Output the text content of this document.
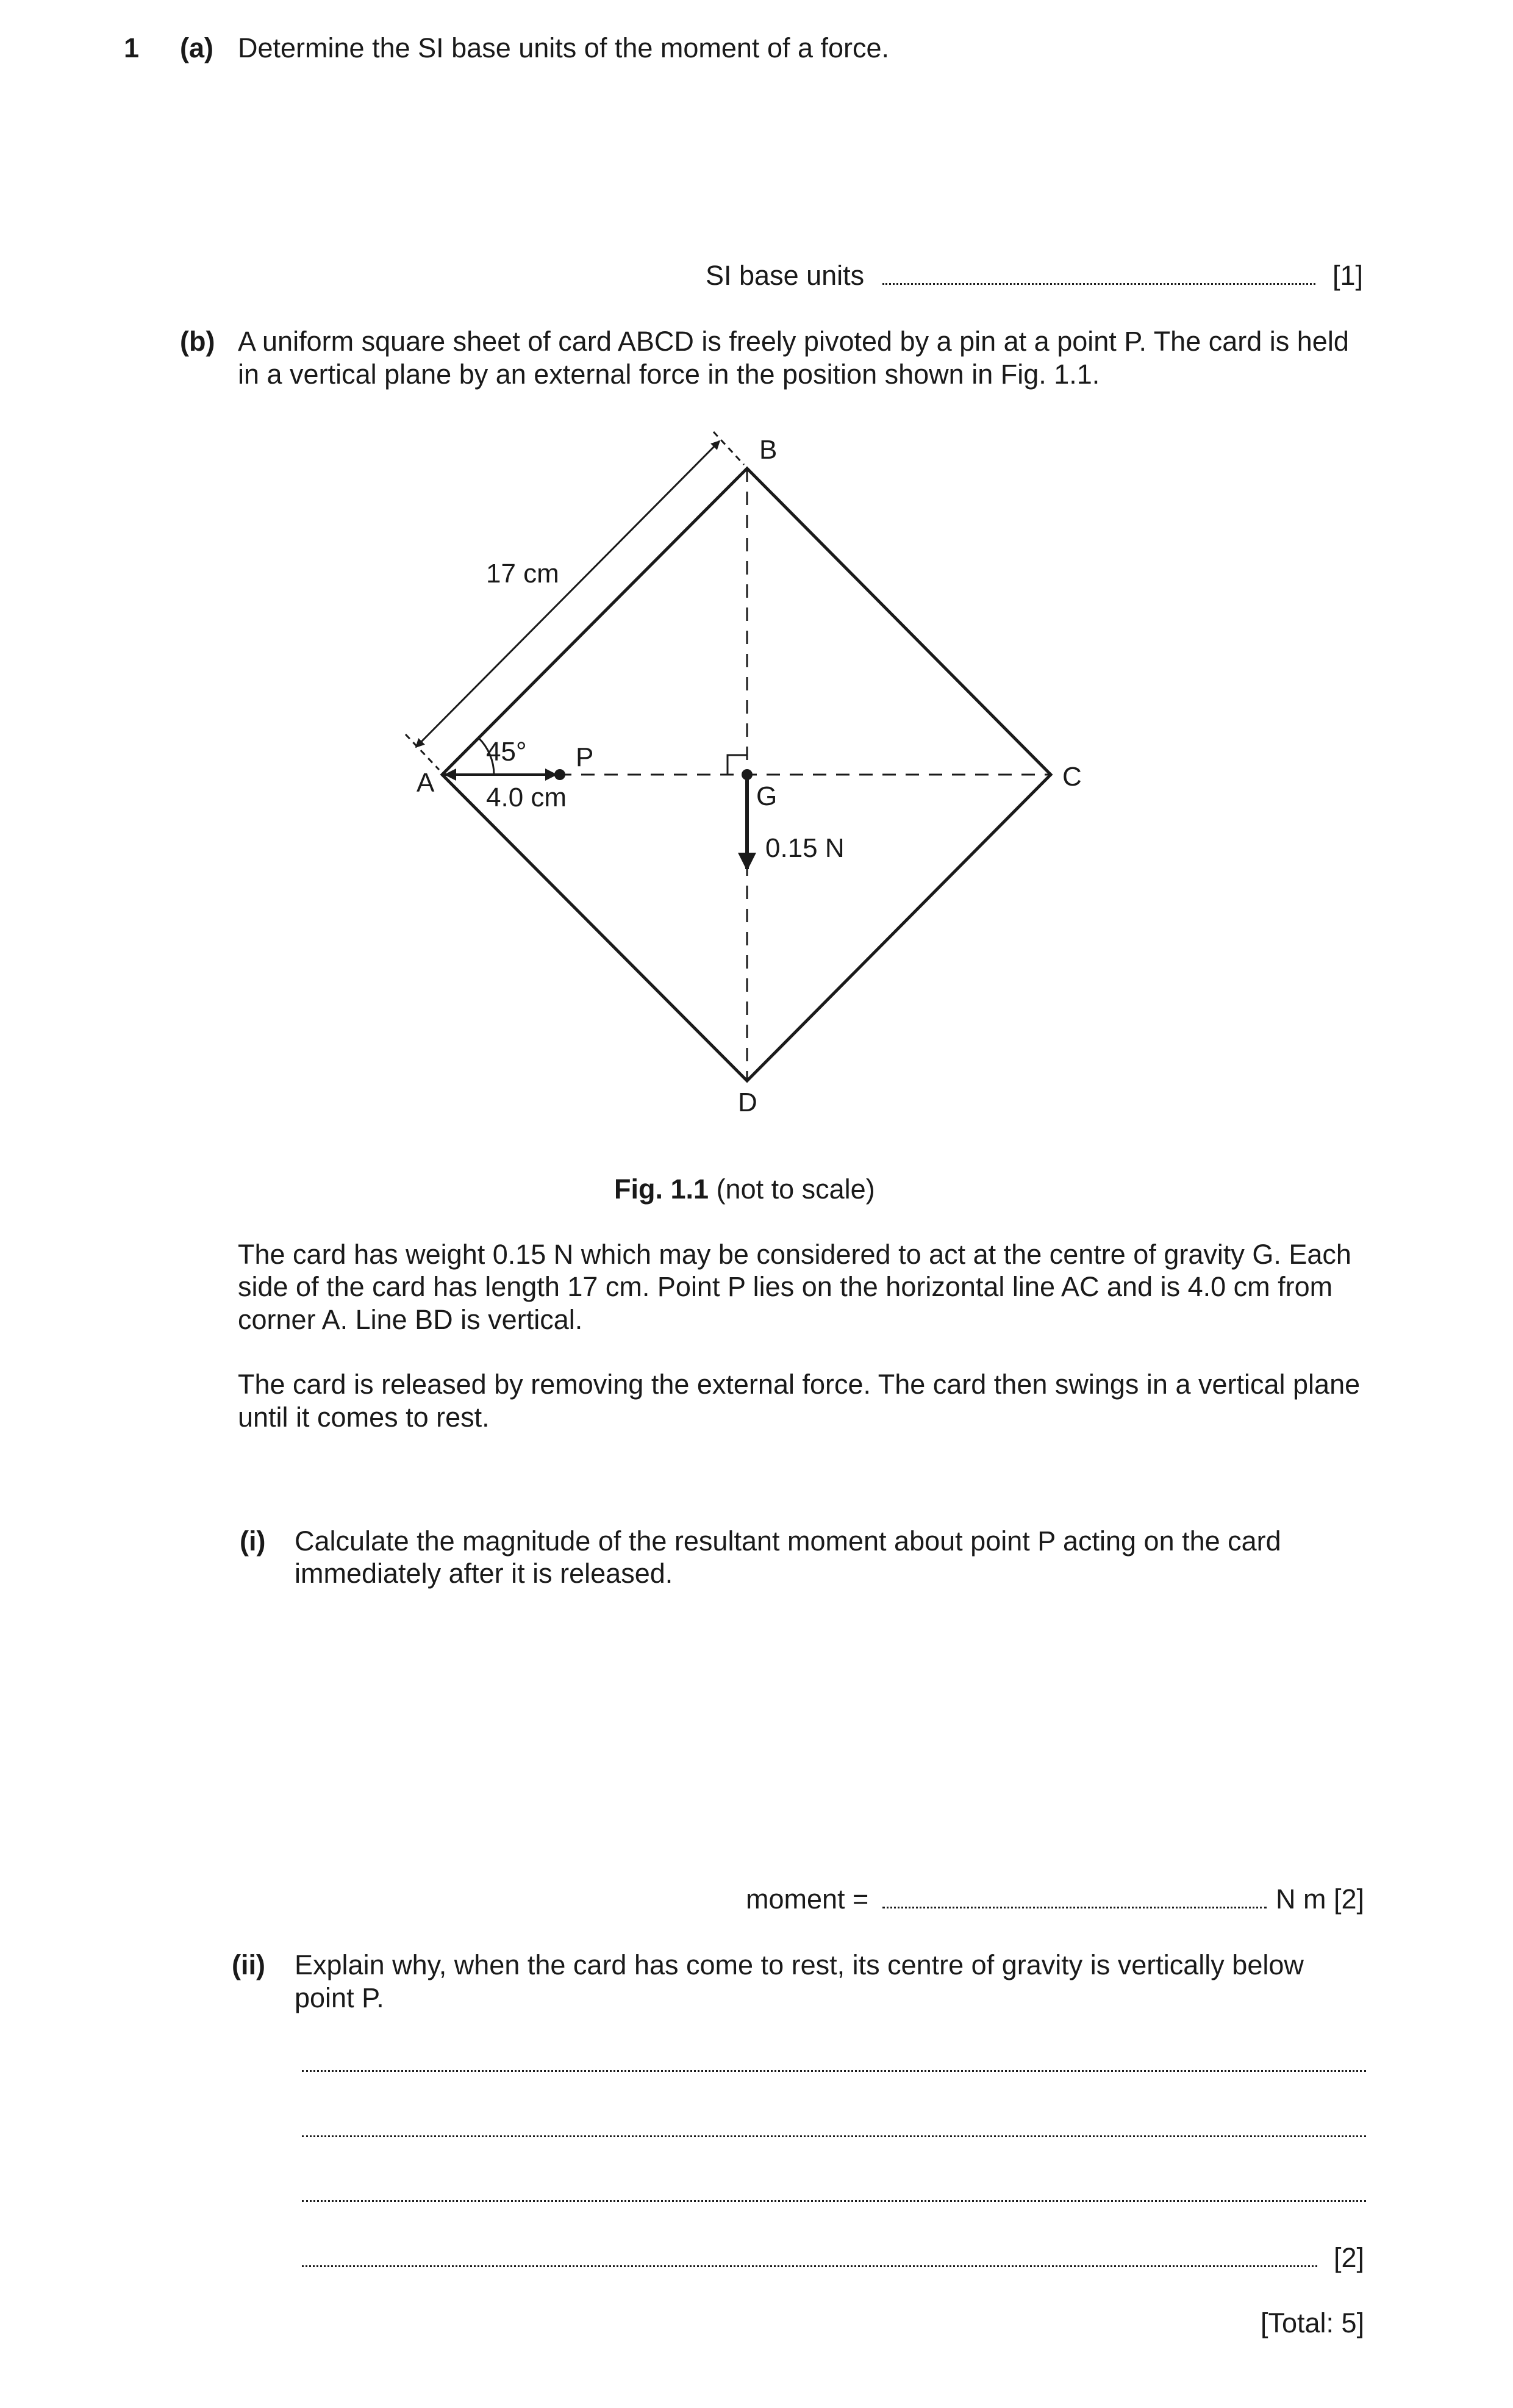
1 (a) Determine the SI base units of the moment of a force.
SI base units	[1]
(b) A uniform square sheet of card ABCD is freely pivoted by a pin at a point P. The card is held
in a vertical plane by an external force in the position shown in Fig. 1.1.
B
A	C
D
P
G
17 cm
45°
4.0 cm
0.15 N
Fig. 1.1 (not to scale)
The card has weight 0.15 N which may be considered to act at the centre of gravity G. Each
side of the card has length 17 cm. Point P lies on the horizontal line AC and is 4.0 cm from
corner A. Line BD is vertical.
The card is released by removing the external force. The card then swings in a vertical plane
until it comes to rest.
(i) Calculate the magnitude of the resultant moment about point P acting on the card
immediately after it is released.
moment =	N m [2]
(ii) Explain why, when the card has come to rest, its centre of gravity is vertically below
point P.
[2]
[Total: 5]
